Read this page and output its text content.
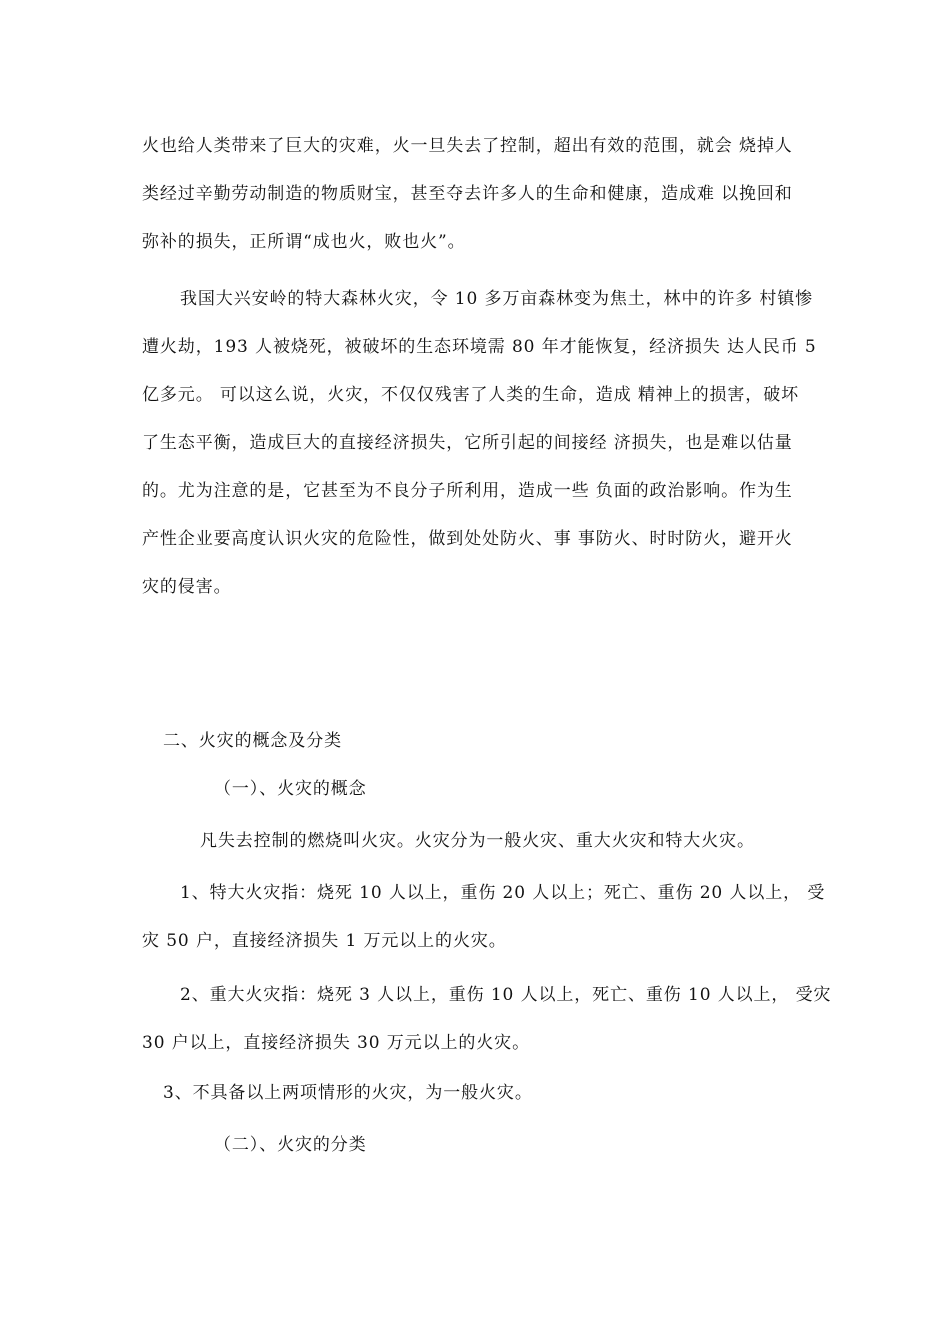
火也给人类带来了巨大的灾难，火一旦失去了控制，超出有效的范围，就会 烧掉人
类经过辛勤劳动制造的物质财宝，甚至夺去许多人的生命和健康，造成难 以挽回和
弥补的损失，正所谓“成也火，败也火”。
我国大兴安岭的特大森林火灾，令 10 多万亩森林变为焦土，林中的许多 村镇惨
遭火劫，193 人被烧死，被破坏的生态环境需 80 年才能恢复，经济损失 达人民币 5
亿多元。 可以这么说，火灾，不仅仅残害了人类的生命，造成 精神上的损害，破坏
了生态平衡，造成巨大的直接经济损失，它所引起的间接经 济损失，也是难以估量
的。尤为注意的是，它甚至为不良分子所利用，造成一些 负面的政治影响。作为生
产性企业要高度认识火灾的危险性，做到处处防火、事 事防火、时时防火，避开火
灾的侵害。
二、火灾的概念及分类
（一）、火灾的概念
凡失去控制的燃烧叫火灾。火灾分为一般火灾、重大火灾和特大火灾。
1、特大火灾指：烧死 10 人以上，重伤 20 人以上；死亡、重伤 20 人以上， 受
灾 50 户，直接经济损失 1 万元以上的火灾。
2、重大火灾指：烧死 3 人以上，重伤 10 人以上，死亡、重伤 10 人以上， 受灾
30 户以上，直接经济损失 30 万元以上的火灾。
3、不具备以上两项情形的火灾，为一般火灾。
（二）、火灾的分类
